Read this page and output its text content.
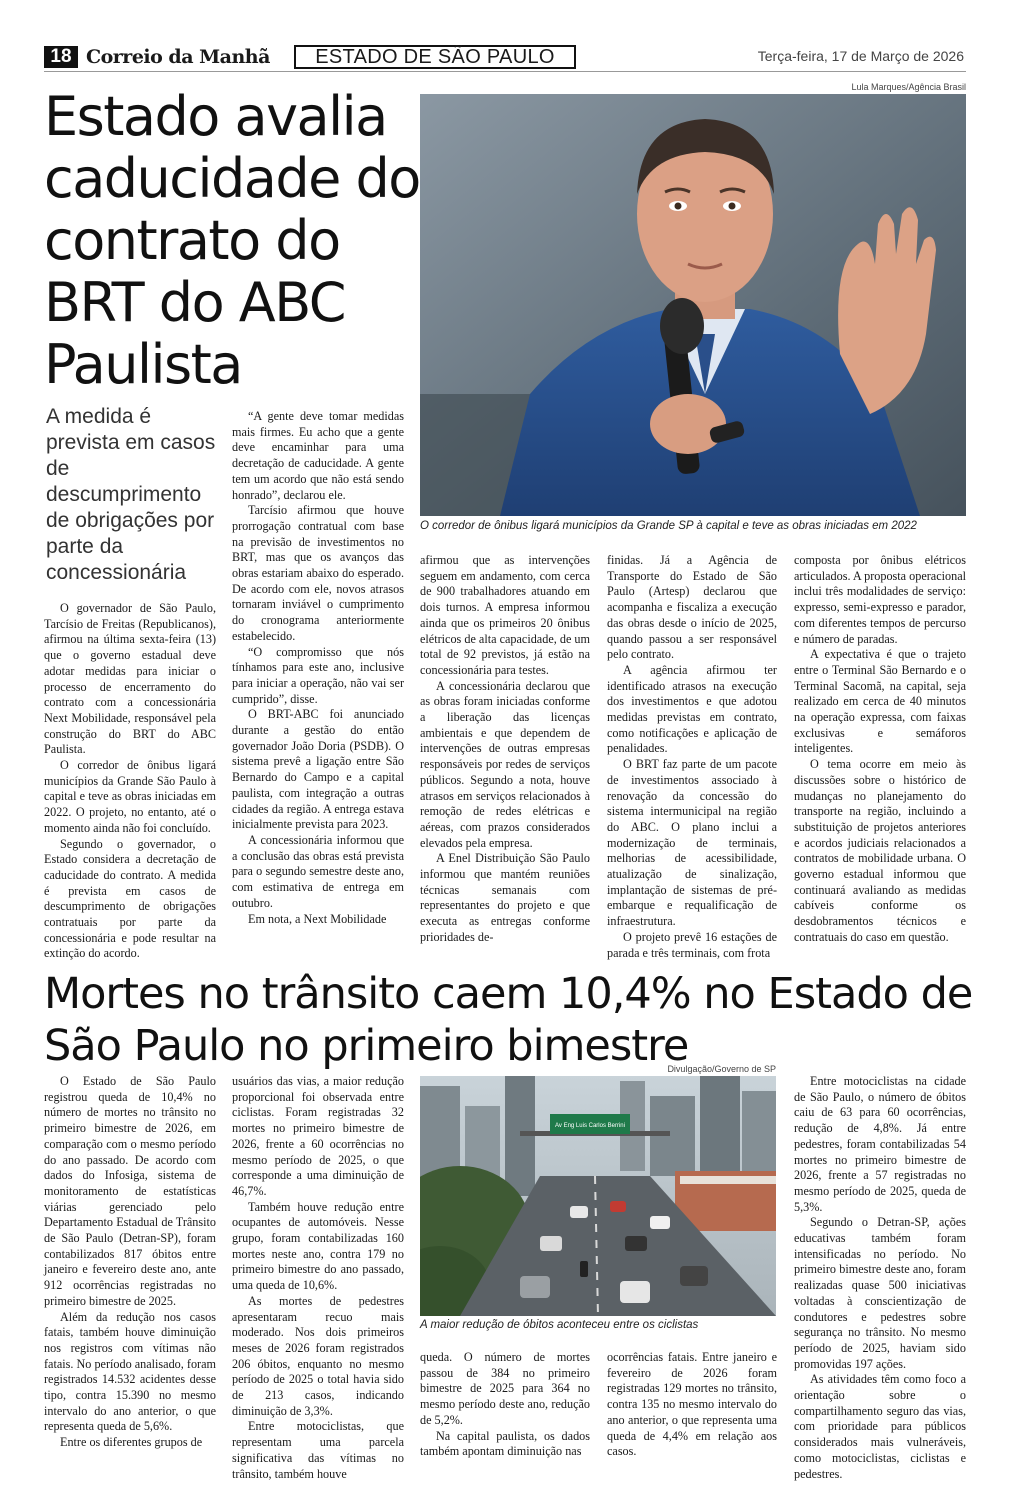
18 Correio da Manhã	ESTADO DE SÃO PAULO	Terça-feira, 17 de Março de 2026
Estado avalia caducidade do contrato do BRT do ABC Paulista
Lula Marques/Agência Brasil
O corredor de ônibus ligará municípios da Grande SP à capital e teve as obras iniciadas em 2022
A medida é prevista em casos de descumprimento de obrigações por parte da concessionária

O governador de São Paulo, Tarcísio de Freitas (Republicanos), afirmou na última sexta-feira (13) que o governo estadual deve adotar medidas para iniciar o processo de encerramento do contrato com a concessionária Next Mobilidade, responsável pela construção do BRT do ABC Paulista.

O corredor de ônibus ligará municípios da Grande São Paulo à capital e teve as obras iniciadas em 2022. O projeto, no entanto, até o momento ainda não foi concluído.

Segundo o governador, o Estado considera a decretação de caducidade do contrato. A medida é prevista em casos de descumprimento de obrigações contratuais por parte da concessionária e pode resultar na extinção do acordo.

“A gente deve tomar medidas mais firmes. Eu acho que a gente deve encaminhar para uma decretação de caducidade. A gente tem um acordo que não está sendo honrado”, declarou ele.

Tarcísio afirmou que houve prorrogação contratual com base na previsão de investimentos no BRT, mas que os avanços das obras estariam abaixo do esperado. De acordo com ele, novos atrasos tornaram inviável o cumprimento do cronograma anteriormente estabelecido.

“O compromisso que nós tínhamos para este ano, inclusive para iniciar a operação, não vai ser cumprido”, disse.

O BRT-ABC foi anunciado durante a gestão do então governador João Doria (PSDB). O sistema prevê a ligação entre São Bernardo do Campo e a capital paulista, com integração a outras cidades da região. A entrega estava inicialmente prevista para 2023.

A concessionária informou que a conclusão das obras está prevista para o segundo semestre deste ano, com estimativa de entrega em outubro.

Em nota, a Next Mobilidade

afirmou que as intervenções seguem em andamento, com cerca de 900 trabalhadores atuando em dois turnos. A empresa informou ainda que os primeiros 20 ônibus elétricos de alta capacidade, de um total de 92 previstos, já estão na concessionária para testes.

A concessionária declarou que as obras foram iniciadas conforme a liberação das licenças ambientais e que dependem de intervenções de outras empresas responsáveis por redes de serviços públicos. Segundo a nota, houve atrasos em serviços relacionados à remoção de redes elétricas e aéreas, com prazos considerados elevados pela empresa.

A Enel Distribuição São Paulo informou que mantém reuniões técnicas semanais com representantes do projeto e que executa as entregas conforme prioridades de-

finidas. Já a Agência de Transporte do Estado de São Paulo (Artesp) declarou que acompanha e fiscaliza a execução das obras desde o início de 2025, quando passou a ser responsável pelo contrato.

A agência afirmou ter identificado atrasos na execução dos investimentos e que adotou medidas previstas em contrato, como notificações e aplicação de penalidades.

O BRT faz parte de um pacote de investimentos associado à renovação da concessão do sistema intermunicipal na região do ABC. O plano inclui a modernização de terminais, melhorias de acessibilidade, atualização de sinalização, implantação de sistemas de pré-embarque e requalificação de infraestrutura.

O projeto prevê 16 estações de parada e três terminais, com frota

composta por ônibus elétricos articulados. A proposta operacional inclui três modalidades de serviço: expresso, semi-expresso e parador, com diferentes tempos de percurso e número de paradas.

A expectativa é que o trajeto entre o Terminal São Bernardo e o Terminal Sacomã, na capital, seja realizado em cerca de 40 minutos na operação expressa, com faixas exclusivas e semáforos inteligentes.

O tema ocorre em meio às discussões sobre o histórico de mudanças no planejamento do transporte na região, incluindo a substituição de projetos anteriores e acordos judiciais relacionados a contratos de mobilidade urbana. O governo estadual informou que continuará avaliando as medidas cabíveis conforme os desdobramentos técnicos e contratuais do caso em questão.

Mortes no trânsito caem 10,4% no Estado de São Paulo no primeiro bimestre
Divulgação/Governo de SP
Av Eng Luis Carlos Berrini
A maior redução de óbitos aconteceu entre os ciclistas

O Estado de São Paulo registrou queda de 10,4% no número de mortes no trânsito no primeiro bimestre de 2026, em comparação com o mesmo período do ano passado. De acordo com dados do Infosiga, sistema de monitoramento de estatísticas viárias gerenciado pelo Departamento Estadual de Trânsito de São Paulo (Detran-SP), foram contabilizados 817 óbitos entre janeiro e fevereiro deste ano, ante 912 ocorrências registradas no primeiro bimestre de 2025.

Além da redução nos casos fatais, também houve diminuição nos registros com vítimas não fatais. No período analisado, foram registrados 14.532 acidentes desse tipo, contra 15.390 no mesmo intervalo do ano anterior, o que representa queda de 5,6%.

Entre os diferentes grupos de

usuários das vias, a maior redução proporcional foi observada entre ciclistas. Foram registradas 32 mortes no primeiro bimestre de 2026, frente a 60 ocorrências no mesmo período de 2025, o que corresponde a uma diminuição de 46,7%.

Também houve redução entre ocupantes de automóveis. Nesse grupo, foram contabilizadas 160 mortes neste ano, contra 179 no primeiro bimestre do ano passado, uma queda de 10,6%.

As mortes de pedestres apresentaram recuo mais moderado. Nos dois primeiros meses de 2026 foram registrados 206 óbitos, enquanto no mesmo período de 2025 o total havia sido de 213 casos, indicando diminuição de 3,3%.

Entre motociclistas, que representam uma parcela significativa das vítimas no trânsito, também houve

queda. O número de mortes passou de 384 no primeiro bimestre de 2025 para 364 no mesmo período deste ano, redução de 5,2%.

Na capital paulista, os dados também apontam diminuição nas

ocorrências fatais. Entre janeiro e fevereiro de 2026 foram registradas 129 mortes no trânsito, contra 135 no mesmo intervalo do ano anterior, o que representa uma queda de 4,4% em relação aos casos.

Entre motociclistas na cidade de São Paulo, o número de óbitos caiu de 63 para 60 ocorrências, redução de 4,8%. Já entre pedestres, foram contabilizadas 54 mortes no primeiro bimestre de 2026, frente a 57 registradas no mesmo período de 2025, queda de 5,3%.

Segundo o Detran-SP, ações educativas também foram intensificadas no período. No primeiro bimestre deste ano, foram realizadas quase 500 iniciativas voltadas à conscientização de condutores e pedestres sobre segurança no trânsito. No mesmo período de 2025, haviam sido promovidas 197 ações.

As atividades têm como foco a orientação sobre o compartilhamento seguro das vias, com prioridade para públicos considerados mais vulneráveis, como motociclistas, ciclistas e pedestres.
